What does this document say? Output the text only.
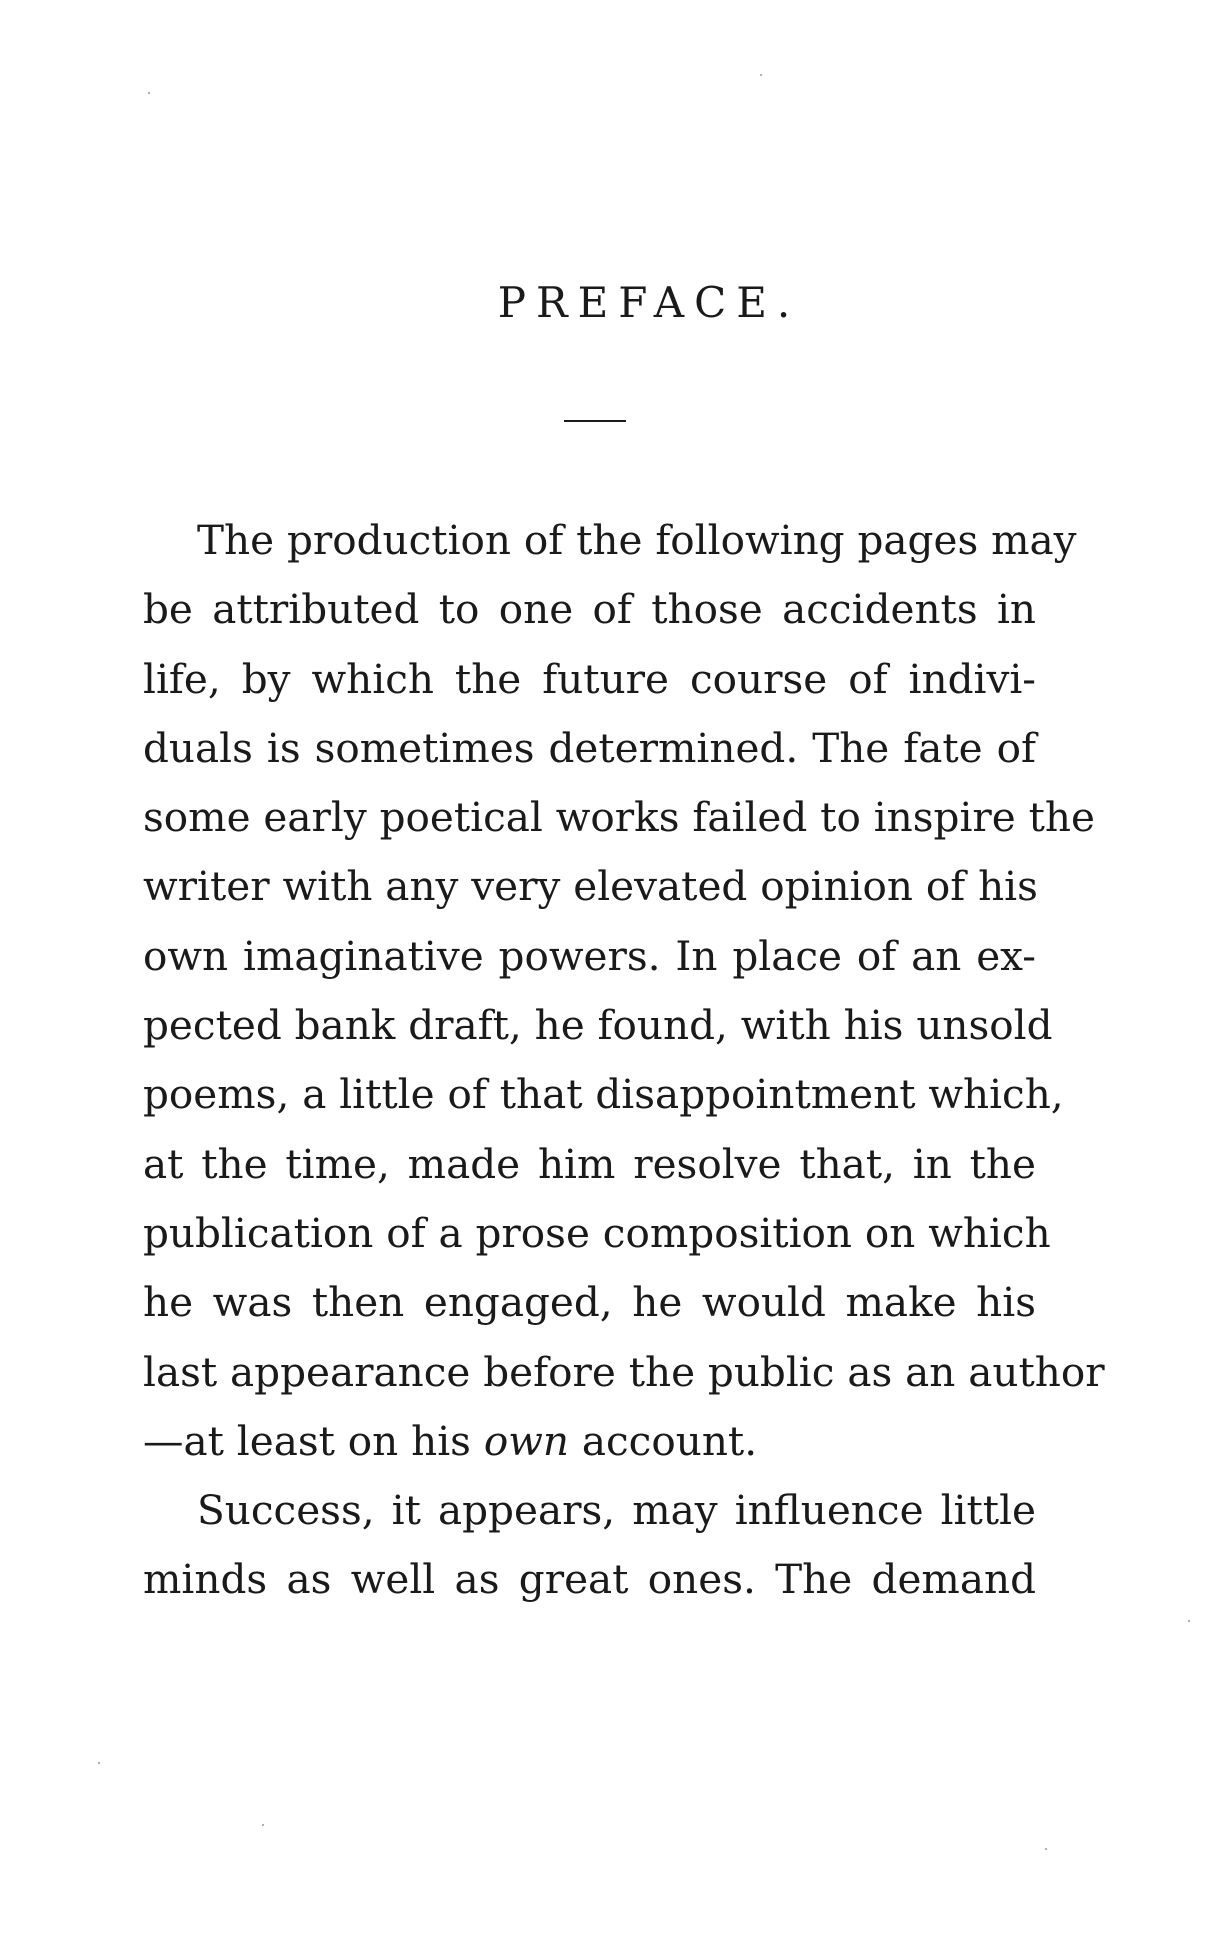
PREFACE.
The production of the following pages may
be attributed to one of those accidents in
life, by which the future course of indivi-
duals is sometimes determined. The fate of
some early poetical works failed to inspire the
writer with any very elevated opinion of his
own imaginative powers. In place of an ex-
pected bank draft, he found, with his unsold
poems, a little of that disappointment which,
at the time, made him resolve that, in the
publication of a prose composition on which
he was then engaged, he would make his
last appearance before the public as an author
—at least on his own account.
Success, it appears, may influence little
minds as well as great ones. The demand
